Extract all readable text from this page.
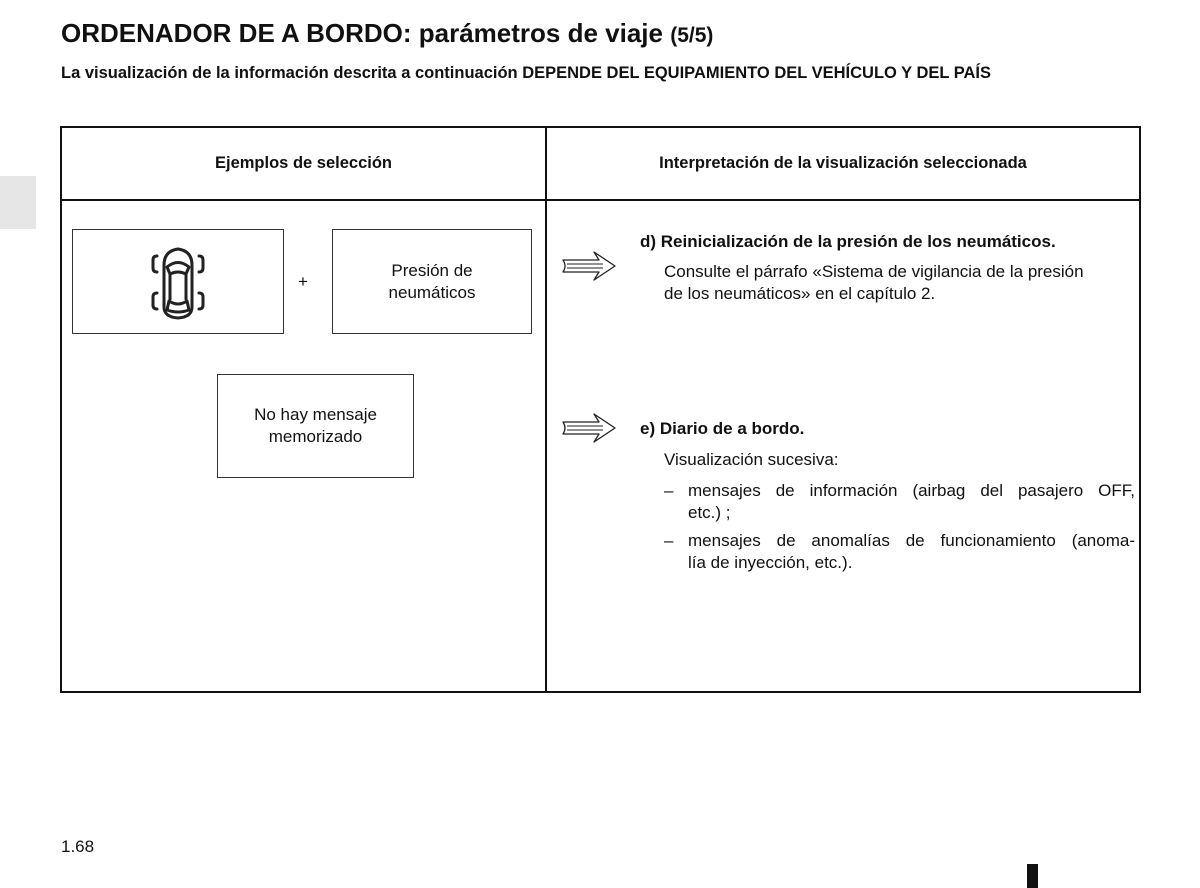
ORDENADOR DE A BORDO: parámetros de viaje (5/5)
La visualización de la información descrita a continuación DEPENDE DEL EQUIPAMIENTO DEL VEHÍCULO Y DEL PAÍS
Ejemplos de selección	Interpretación de la visualización seleccionada
+
Presión de
neumáticos
No hay mensaje
memorizado
d) Reinicialización de la presión de los neumáticos.
Consulte el párrafo «Sistema de vigilancia de la presión
de los neumáticos» en el capítulo 2.
e) Diario de a bordo.
Visualización sucesiva:
– mensajes de información (airbag del pasajero OFF,
etc.) ;
– mensajes de anomalías de funcionamiento (anoma-
lía de inyección, etc.).
1.68
